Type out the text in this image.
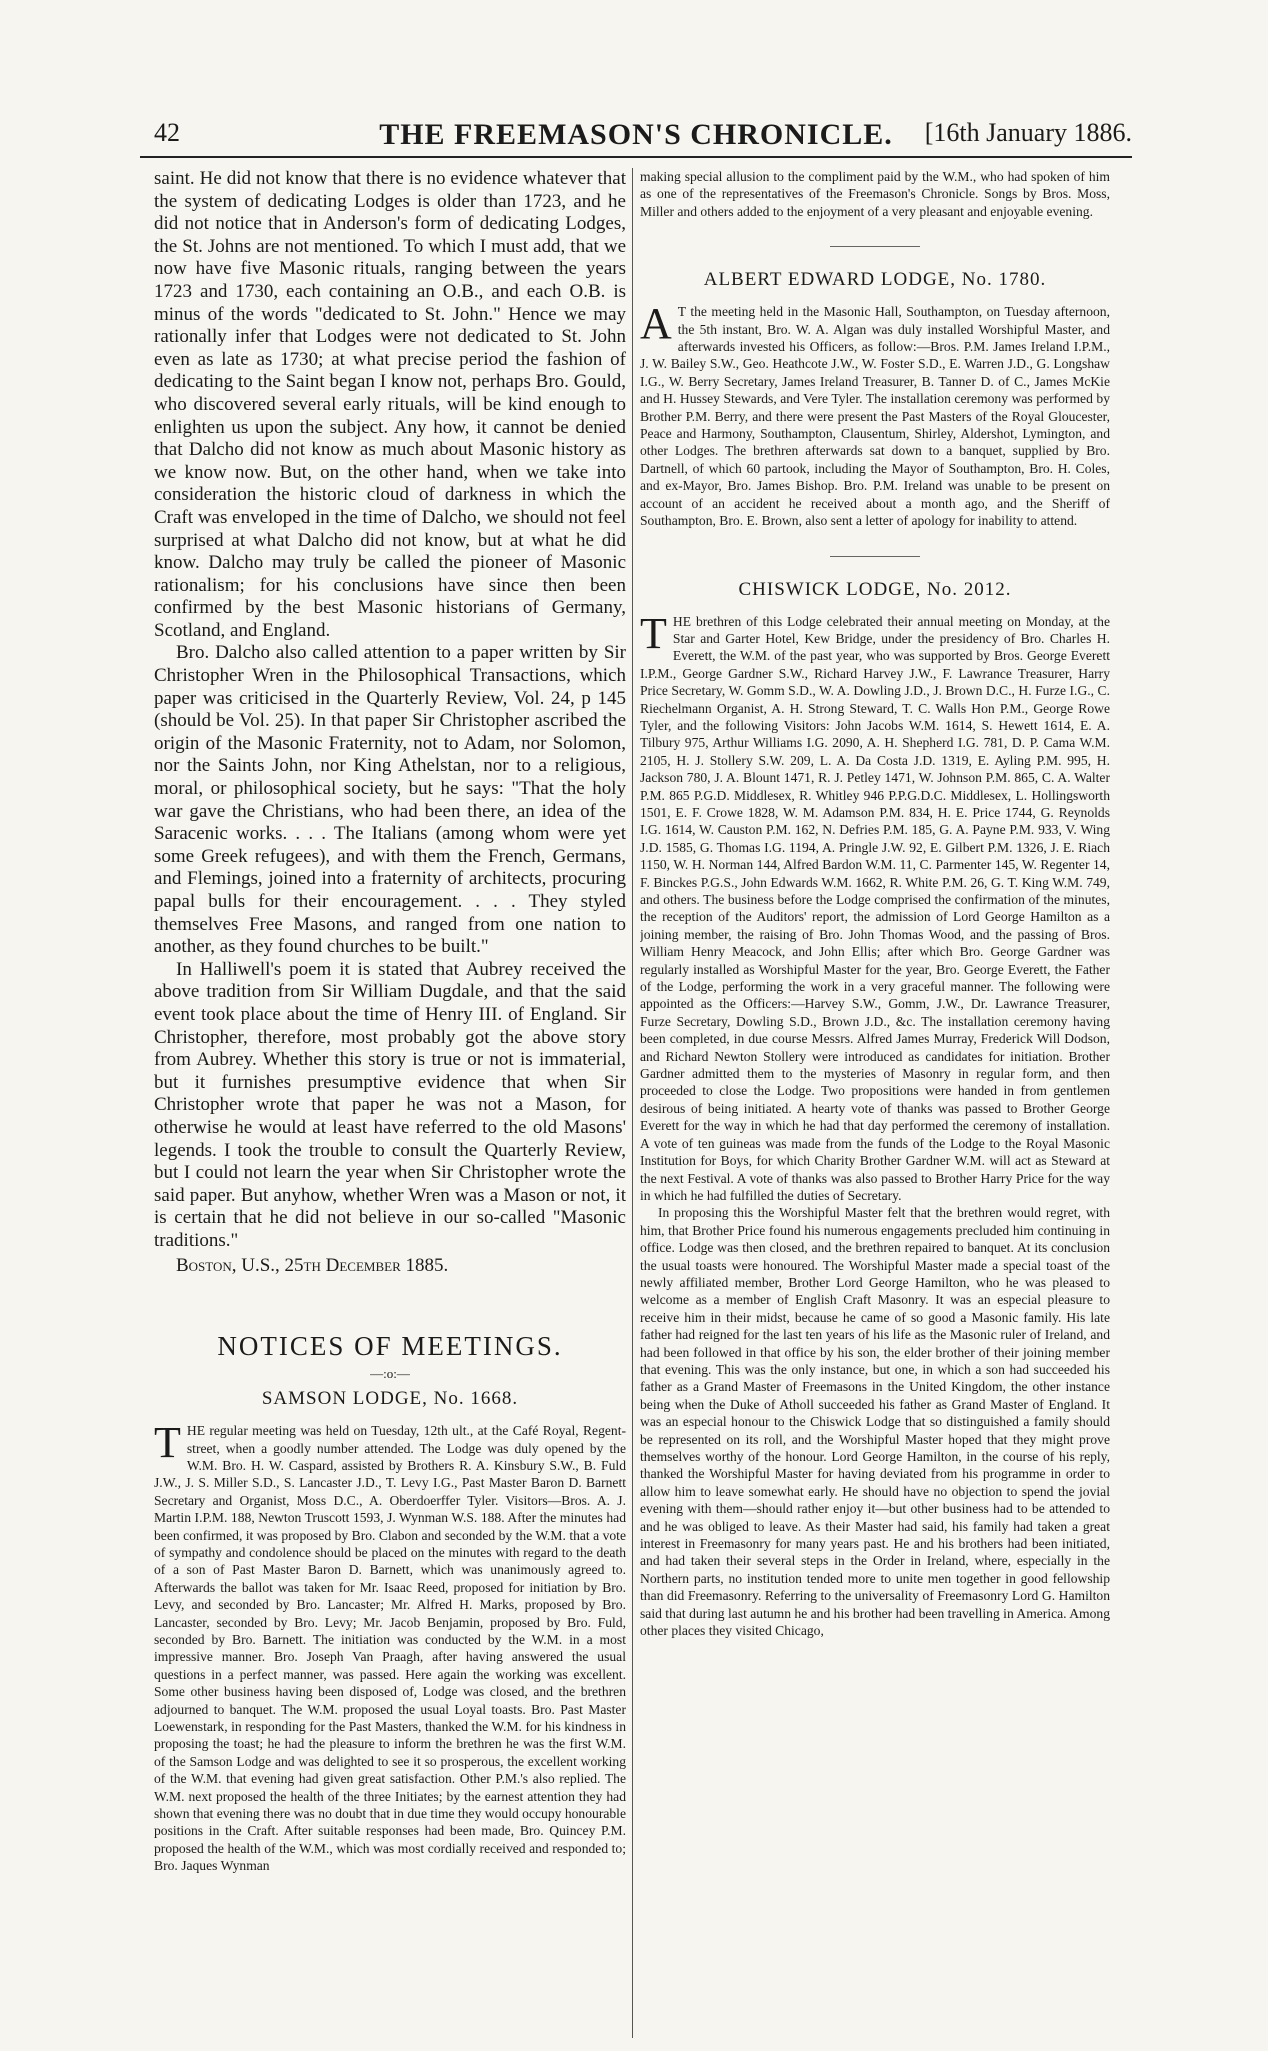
42	THE FREEMASON'S CHRONICLE.	[16th January 1886.

saint. He did not know that there is no evidence whatever that the system of dedicating Lodges is older than 1723, and he did not notice that in Anderson's form of dedicating Lodges, the St. Johns are not mentioned. To which I must add, that we now have five Masonic rituals, ranging between the years 1723 and 1730, each containing an O.B., and each O.B. is minus of the words "dedicated to St. John." Hence we may rationally infer that Lodges were not dedicated to St. John even as late as 1730; at what precise period the fashion of dedicating to the Saint began I know not, perhaps Bro. Gould, who discovered several early rituals, will be kind enough to enlighten us upon the subject. Any how, it cannot be denied that Dalcho did not know as much about Masonic history as we know now. But, on the other hand, when we take into consideration the historic cloud of darkness in which the Craft was enveloped in the time of Dalcho, we should not feel surprised at what Dalcho did not know, but at what he did know. Dalcho may truly be called the pioneer of Masonic rationalism; for his conclusions have since then been confirmed by the best Masonic historians of Germany, Scotland, and England.

Bro. Dalcho also called attention to a paper written by Sir Christopher Wren in the Philosophical Transactions, which paper was criticised in the Quarterly Review, Vol. 24, p 145 (should be Vol. 25). In that paper Sir Christopher ascribed the origin of the Masonic Fraternity, not to Adam, nor Solomon, nor the Saints John, nor King Athelstan, nor to a religious, moral, or philosophical society, but he says: "That the holy war gave the Christians, who had been there, an idea of the Saracenic works. . . . The Italians (among whom were yet some Greek refugees), and with them the French, Germans, and Flemings, joined into a fraternity of architects, procuring papal bulls for their encouragement. . . . They styled themselves Free Masons, and ranged from one nation to another, as they found churches to be built."

In Halliwell's poem it is stated that Aubrey received the above tradition from Sir William Dugdale, and that the said event took place about the time of Henry III. of England. Sir Christopher, therefore, most probably got the above story from Aubrey. Whether this story is true or not is immaterial, but it furnishes presumptive evidence that when Sir Christopher wrote that paper he was not a Mason, for otherwise he would at least have referred to the old Masons' legends. I took the trouble to consult the Quarterly Review, but I could not learn the year when Sir Christopher wrote the said paper. But anyhow, whether Wren was a Mason or not, it is certain that he did not believe in our so-called "Masonic traditions."

Boston, U.S., 25th December 1885.

NOTICES OF MEETINGS.
—:o:—
SAMSON LODGE, No. 1668.

THE regular meeting was held on Tuesday, 12th ult., at the Café Royal, Regent-street, when a goodly number attended. The Lodge was duly opened by the W.M. Bro. H. W. Caspard, assisted by Brothers R. A. Kinsbury S.W., B. Fuld J.W., J. S. Miller S.D., S. Lancaster J.D., T. Levy I.G., Past Master Baron D. Barnett Secretary and Organist, Moss D.C., A. Oberdoerffer Tyler. Visitors—Bros. A. J. Martin I.P.M. 188, Newton Truscott 1593, J. Wynman W.S. 188. After the minutes had been confirmed, it was proposed by Bro. Clabon and seconded by the W.M. that a vote of sympathy and condolence should be placed on the minutes with regard to the death of a son of Past Master Baron D. Barnett, which was unanimously agreed to. Afterwards the ballot was taken for Mr. Isaac Reed, proposed for initiation by Bro. Levy, and seconded by Bro. Lancaster; Mr. Alfred H. Marks, proposed by Bro. Lancaster, seconded by Bro. Levy; Mr. Jacob Benjamin, proposed by Bro. Fuld, seconded by Bro. Barnett. The initiation was conducted by the W.M. in a most impressive manner. Bro. Joseph Van Praagh, after having answered the usual questions in a perfect manner, was passed. Here again the working was excellent. Some other business having been disposed of, Lodge was closed, and the brethren adjourned to banquet. The W.M. proposed the usual Loyal toasts. Bro. Past Master Loewenstark, in responding for the Past Masters, thanked the W.M. for his kindness in proposing the toast; he had the pleasure to inform the brethren he was the first W.M. of the Samson Lodge and was delighted to see it so prosperous, the excellent working of the W.M. that evening had given great satisfaction. Other P.M.'s also replied. The W.M. next proposed the health of the three Initiates; by the earnest attention they had shown that evening there was no doubt that in due time they would occupy honourable positions in the Craft. After suitable responses had been made, Bro. Quincey P.M. proposed the health of the W.M., which was most cordially received and responded to; Bro. Jaques Wynman

making special allusion to the compliment paid by the W.M., who had spoken of him as one of the representatives of the Freemason's Chronicle. Songs by Bros. Moss, Miller and others added to the enjoyment of a very pleasant and enjoyable evening.

ALBERT EDWARD LODGE, No. 1780.

A T the meeting held in the Masonic Hall, Southampton, on Tuesday afternoon, the 5th instant, Bro. W. A. Algan was duly installed Worshipful Master, and afterwards invested his Officers, as follow:—Bros. P.M. James Ireland I.P.M., J. W. Bailey S.W., Geo. Heathcote J.W., W. Foster S.D., E. Warren J.D., G. Longshaw I.G., W. Berry Secretary, James Ireland Treasurer, B. Tanner D. of C., James McKie and H. Hussey Stewards, and Vere Tyler. The installation ceremony was performed by Brother P.M. Berry, and there were present the Past Masters of the Royal Gloucester, Peace and Harmony, Southampton, Clausentum, Shirley, Aldershot, Lymington, and other Lodges. The brethren afterwards sat down to a banquet, supplied by Bro. Dartnell, of which 60 partook, including the Mayor of Southampton, Bro. H. Coles, and ex-Mayor, Bro. James Bishop. Bro. P.M. Ireland was unable to be present on account of an accident he received about a month ago, and the Sheriff of Southampton, Bro. E. Brown, also sent a letter of apology for inability to attend.

CHISWICK LODGE, No. 2012.

THE brethren of this Lodge celebrated their annual meeting on Monday, at the Star and Garter Hotel, Kew Bridge, under the presidency of Bro. Charles H. Everett, the W.M. of the past year, who was supported by Bros. George Everett I.P.M., George Gardner S.W., Richard Harvey J.W., F. Lawrance Treasurer, Harry Price Secretary, W. Gomm S.D., W. A. Dowling J.D., J. Brown D.C., H. Furze I.G., C. Riechelmann Organist, A. H. Strong Steward, T. C. Walls Hon P.M., George Rowe Tyler, and the following Visitors: John Jacobs W.M. 1614, S. Hewett 1614, E. A. Tilbury 975, Arthur Williams I.G. 2090, A. H. Shepherd I.G. 781, D. P. Cama W.M. 2105, H. J. Stollery S.W. 209, L. A. Da Costa J.D. 1319, E. Ayling P.M. 995, H. Jackson 780, J. A. Blount 1471, R. J. Petley 1471, W. Johnson P.M. 865, C. A. Walter P.M. 865 P.G.D. Middlesex, R. Whitley 946 P.P.G.D.C. Middlesex, L. Hollingsworth 1501, E. F. Crowe 1828, W. M. Adamson P.M. 834, H. E. Price 1744, G. Reynolds I.G. 1614, W. Causton P.M. 162, N. Defries P.M. 185, G. A. Payne P.M. 933, V. Wing J.D. 1585, G. Thomas I.G. 1194, A. Pringle J.W. 92, E. Gilbert P.M. 1326, J. E. Riach 1150, W. H. Norman 144, Alfred Bardon W.M. 11, C. Parmenter 145, W. Regenter 14, F. Binckes P.G.S., John Edwards W.M. 1662, R. White P.M. 26, G. T. King W.M. 749, and others. The business before the Lodge comprised the confirmation of the minutes, the reception of the Auditors' report, the admission of Lord George Hamilton as a joining member, the raising of Bro. John Thomas Wood, and the passing of Bros. William Henry Meacock, and John Ellis; after which Bro. George Gardner was regularly installed as Worshipful Master for the year, Bro. George Everett, the Father of the Lodge, performing the work in a very graceful manner. The following were appointed as the Officers:—Harvey S.W., Gomm, J.W., Dr. Lawrance Treasurer, Furze Secretary, Dowling S.D., Brown J.D., &c. The installation ceremony having been completed, in due course Messrs. Alfred James Murray, Frederick Will Dodson, and Richard Newton Stollery were introduced as candidates for initiation. Brother Gardner admitted them to the mysteries of Masonry in regular form, and then proceeded to close the Lodge. Two propositions were handed in from gentlemen desirous of being initiated. A hearty vote of thanks was passed to Brother George Everett for the way in which he had that day performed the ceremony of installation. A vote of ten guineas was made from the funds of the Lodge to the Royal Masonic Institution for Boys, for which Charity Brother Gardner W.M. will act as Steward at the next Festival. A vote of thanks was also passed to Brother Harry Price for the way in which he had fulfilled the duties of Secretary.

In proposing this the Worshipful Master felt that the brethren would regret, with him, that Brother Price found his numerous engagements precluded him continuing in office. Lodge was then closed, and the brethren repaired to banquet. At its conclusion the usual toasts were honoured. The Worshipful Master made a special toast of the newly affiliated member, Brother Lord George Hamilton, who he was pleased to welcome as a member of English Craft Masonry. It was an especial pleasure to receive him in their midst, because he came of so good a Masonic family. His late father had reigned for the last ten years of his life as the Masonic ruler of Ireland, and had been followed in that office by his son, the elder brother of their joining member that evening. This was the only instance, but one, in which a son had succeeded his father as a Grand Master of Freemasons in the United Kingdom, the other instance being when the Duke of Atholl succeeded his father as Grand Master of England. It was an especial honour to the Chiswick Lodge that so distinguished a family should be represented on its roll, and the Worshipful Master hoped that they might prove themselves worthy of the honour. Lord George Hamilton, in the course of his reply, thanked the Worshipful Master for having deviated from his programme in order to allow him to leave somewhat early. He should have no objection to spend the jovial evening with them—should rather enjoy it—but other business had to be attended to and he was obliged to leave. As their Master had said, his family had taken a great interest in Freemasonry for many years past. He and his brothers had been initiated, and had taken their several steps in the Order in Ireland, where, especially in the Northern parts, no institution tended more to unite men together in good fellowship than did Freemasonry. Referring to the universality of Freemasonry Lord G. Hamilton said that during last autumn he and his brother had been travelling in America. Among other places they visited Chicago,
